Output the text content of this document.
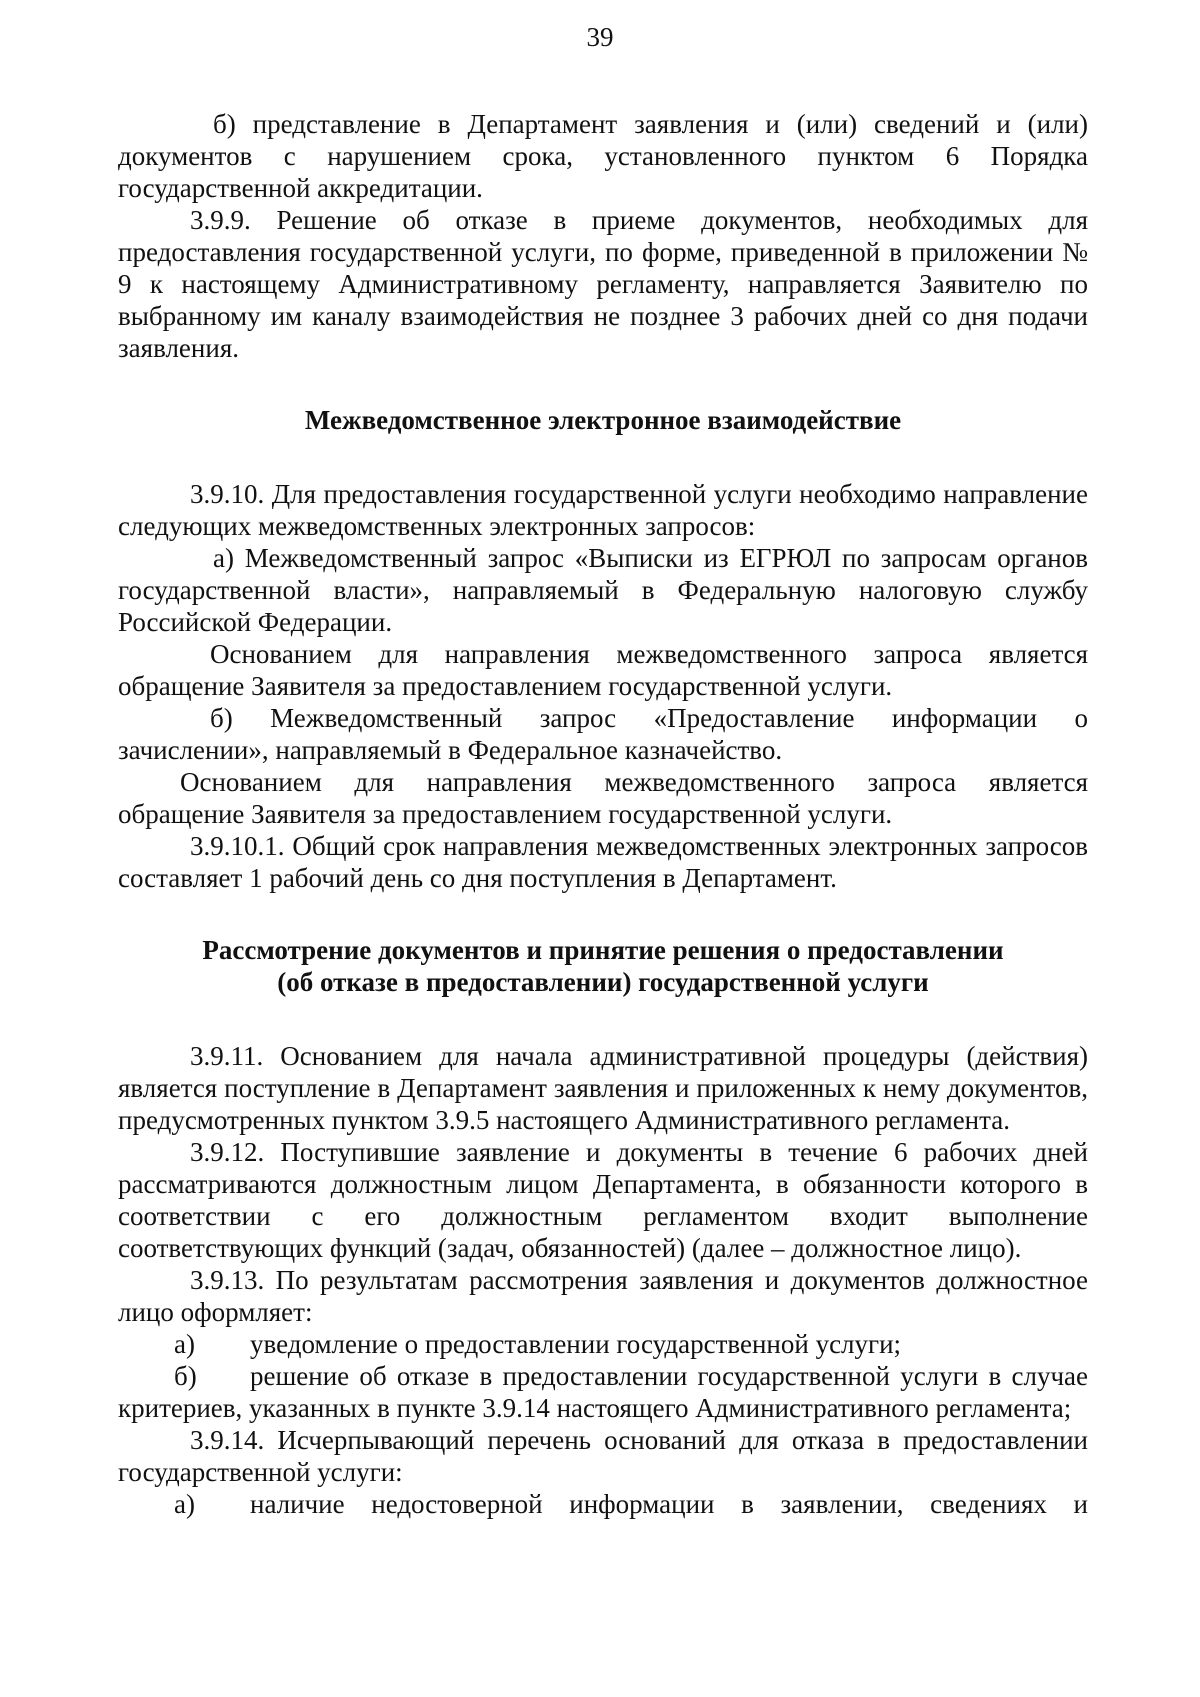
39

б) представление в Департамент заявления и (или) сведений и (или) документов с нарушением срока, установленного пунктом 6 Порядка государственной аккредитации.

3.9.9. Решение об отказе в приеме документов, необходимых для предоставления государственной услуги, по форме, приведенной в приложении № 9 к настоящему Административному регламенту, направляется Заявителю по выбранному им каналу взаимодействия не позднее 3 рабочих дней со дня подачи заявления.

Межведомственное электронное взаимодействие

3.9.10. Для предоставления государственной услуги необходимо направление следующих межведомственных электронных запросов:

а) Межведомственный запрос «Выписки из ЕГРЮЛ по запросам органов государственной власти», направляемый в Федеральную налоговую службу Российской Федерации.

Основанием для направления межведомственного запроса является обращение Заявителя за предоставлением государственной услуги.

б) Межведомственный запрос «Предоставление информации о зачислении», направляемый в Федеральное казначейство.

Основанием для направления межведомственного запроса является обращение Заявителя за предоставлением государственной услуги.

3.9.10.1. Общий срок направления межведомственных электронных запросов составляет 1 рабочий день со дня поступления в Департамент.

Рассмотрение документов и принятие решения о предоставлении
(об отказе в предоставлении) государственной услуги

3.9.11. Основанием для начала административной процедуры (действия) является поступление в Департамент заявления и приложенных к нему документов, предусмотренных пунктом 3.9.5 настоящего Административного регламента.

3.9.12. Поступившие заявление и документы в течение 6 рабочих дней рассматриваются должностным лицом Департамента, в обязанности которого в соответствии с его должностным регламентом входит выполнение соответствующих функций (задач, обязанностей) (далее – должностное лицо).

3.9.13. По результатам рассмотрения заявления и документов должностное лицо оформляет:

а) уведомление о предоставлении государственной услуги;

б) решение об отказе в предоставлении государственной услуги в случае критериев, указанных в пункте 3.9.14 настоящего Административного регламента;

3.9.14. Исчерпывающий перечень оснований для отказа в предоставлении государственной услуги:

а) наличие недостоверной информации в заявлении, сведениях и
